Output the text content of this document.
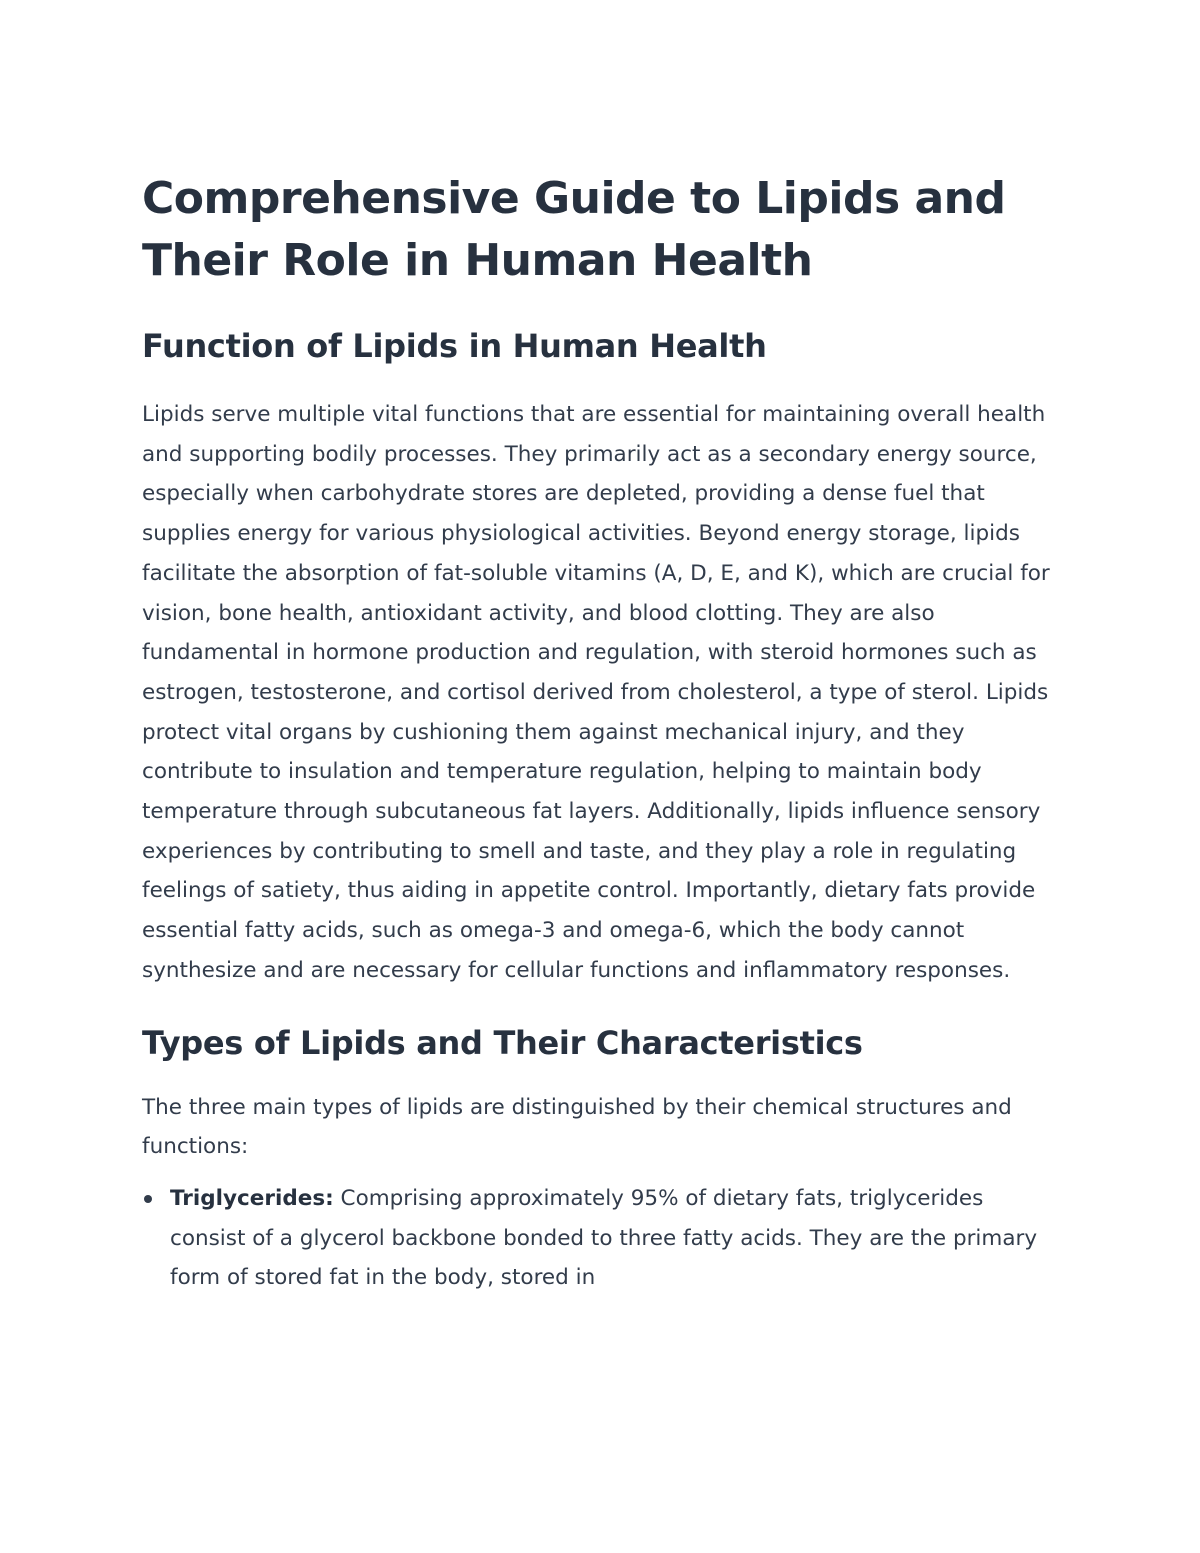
Comprehensive Guide to Lipids and Their Role in Human Health
Function of Lipids in Human Health

Lipids serve multiple vital functions that are essential for maintaining overall health and supporting bodily processes. They primarily act as a secondary energy source, especially when carbohydrate stores are depleted, providing a dense fuel that supplies energy for various physiological activities. Beyond energy storage, lipids facilitate the absorption of fat-soluble vitamins (A, D, E, and K), which are crucial for vision, bone health, antioxidant activity, and blood clotting. They are also fundamental in hormone production and regulation, with steroid hormones such as estrogen, testosterone, and cortisol derived from cholesterol, a type of sterol. Lipids protect vital organs by cushioning them against mechanical injury, and they contribute to insulation and temperature regulation, helping to maintain body temperature through subcutaneous fat layers. Additionally, lipids influence sensory experiences by contributing to smell and taste, and they play a role in regulating feelings of satiety, thus aiding in appetite control. Importantly, dietary fats provide essential fatty acids, such as omega-3 and omega-6, which the body cannot synthesize and are necessary for cellular functions and inflammatory responses.

Types of Lipids and Their Characteristics

The three main types of lipids are distinguished by their chemical structures and functions:

Triglycerides: Comprising approximately 95% of dietary fats, triglycerides consist of a glycerol backbone bonded to three fatty acids. They are the primary form of stored fat in the body, stored in
